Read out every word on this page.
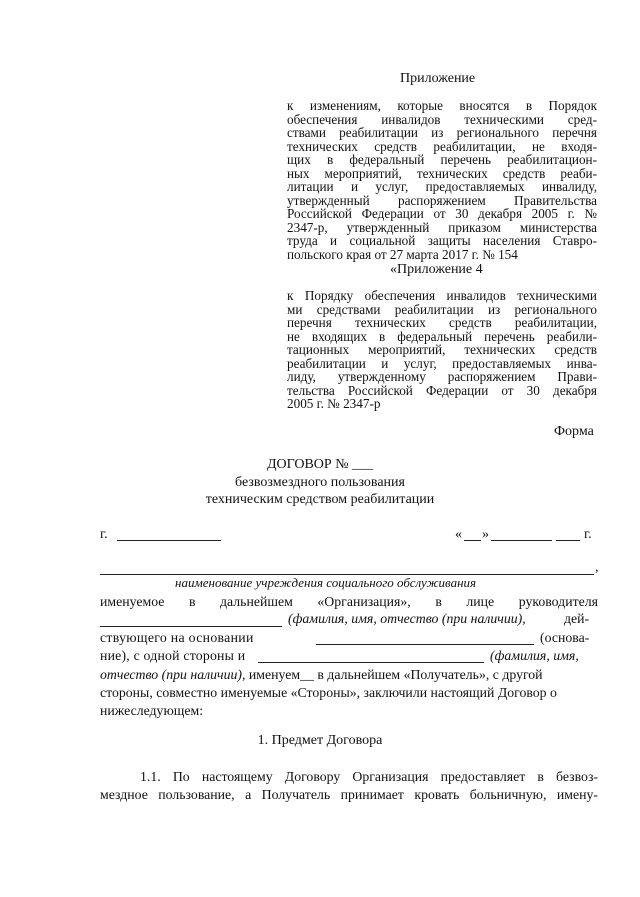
Приложение
к изменениям, которые вносятся в Порядок
обеспечения инвалидов техническими сред-
ствами реабилитации из регионального перечня
технических средств реабилитации, не входя-
щих в федеральный перечень реабилитацион-
ных мероприятий, технических средств реаби-
литации и услуг, предоставляемых инвалиду,
утвержденный распоряжением Правительства
Российской Федерации от 30 декабря 2005 г. №
2347-р, утвержденный приказом министерства
труда и социальной защиты населения Ставро-
польского края от 27 марта 2017 г. № 154
«Приложение 4
к Порядку обеспечения инвалидов техническими
ми средствами реабилитации из регионального
перечня технических средств реабилитации,
не входящих в федеральный перечень реабили-
тационных мероприятий, технических средств
реабилитации и услуг, предоставляемых инва-
лиду, утвержденному распоряжением Прави-
тельства Российской Федерации от 30 декабря
2005 г. № 2347-р
Форма
ДОГОВОР № ___
безвозмездного пользования
техническим средством реабилитации
г.	« »	г.
,
наименование учреждения социального обслуживания
именуемое в дальнейшем «Организация», в лице руководителя
(фамилия, имя, отчество (при наличии),	дей-
ствующего на основании	(основа-
ние), с одной стороны и	(фамилия, имя,
отчество (при наличии), именуем__ в дальнейшем «Получатель», с другой
стороны, совместно именуемые «Стороны», заключили настоящий Договор о
нижеследующем:
1. Предмет Договора
1.1. По настоящему Договору Организация предоставляет в безвоз-
мездное пользование, а Получатель принимает кровать больничную, имену-
